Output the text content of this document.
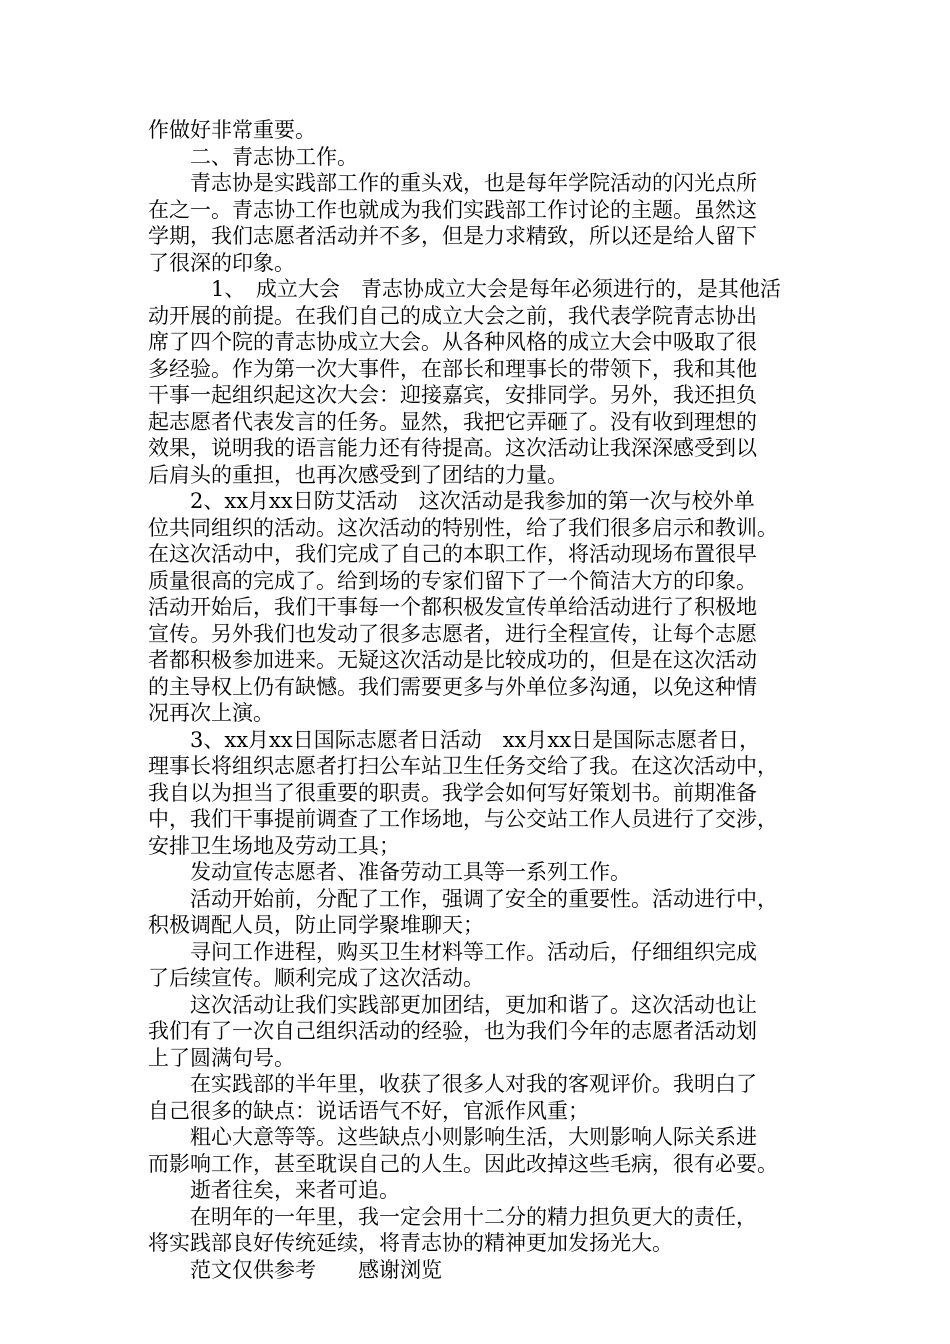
作做好非常重要。
　　二、青志协工作。
　　青志协是实践部工作的重头戏，也是每年学院活动的闪光点所
在之一。青志协工作也就成为我们实践部工作讨论的主题。虽然这
学期，我们志愿者活动并不多，但是力求精致，所以还是给人留下
了很深的印象。
　　　1、　成立大会　青志协成立大会是每年必须进行的，是其他活
动开展的前提。在我们自己的成立大会之前，我代表学院青志协出
席了四个院的青志协成立大会。从各种风格的成立大会中吸取了很
多经验。作为第一次大事件，在部长和理事长的带领下，我和其他
干事一起组织起这次大会：迎接嘉宾，安排同学。另外，我还担负
起志愿者代表发言的任务。显然，我把它弄砸了。没有收到理想的
效果，说明我的语言能力还有待提高。这次活动让我深深感受到以
后肩头的重担，也再次感受到了团结的力量。
　　2、xx月xx日防艾活动　这次活动是我参加的第一次与校外单
位共同组织的活动。这次活动的特别性，给了我们很多启示和教训。
在这次活动中，我们完成了自己的本职工作，将活动现场布置很早
质量很高的完成了。给到场的专家们留下了一个简洁大方的印象。
活动开始后，我们干事每一个都积极发宣传单给活动进行了积极地
宣传。另外我们也发动了很多志愿者，进行全程宣传，让每个志愿
者都积极参加进来。无疑这次活动是比较成功的，但是在这次活动
的主导权上仍有缺憾。我们需要更多与外单位多沟通，以免这种情
况再次上演。
　　3、xx月xx日国际志愿者日活动　xx月xx日是国际志愿者日，
理事长将组织志愿者打扫公车站卫生任务交给了我。在这次活动中，
我自以为担当了很重要的职责。我学会如何写好策划书。前期准备
中，我们干事提前调查了工作场地，与公交站工作人员进行了交涉，
安排卫生场地及劳动工具；
　　发动宣传志愿者、准备劳动工具等一系列工作。
　　活动开始前，分配了工作，强调了安全的重要性。活动进行中，
积极调配人员，防止同学聚堆聊天；
　　寻问工作进程，购买卫生材料等工作。活动后，仔细组织完成
了后续宣传。顺利完成了这次活动。
　　这次活动让我们实践部更加团结，更加和谐了。这次活动也让
我们有了一次自己组织活动的经验，也为我们今年的志愿者活动划
上了圆满句号。
　　在实践部的半年里，收获了很多人对我的客观评价。我明白了
自己很多的缺点：说话语气不好，官派作风重；
　　粗心大意等等。这些缺点小则影响生活，大则影响人际关系进
而影响工作，甚至耽误自己的人生。因此改掉这些毛病，很有必要。
　　逝者往矣，来者可追。
　　在明年的一年里，我一定会用十二分的精力担负更大的责任，
将实践部良好传统延续，将青志协的精神更加发扬光大。
　　范文仅供参考　　感谢浏览
